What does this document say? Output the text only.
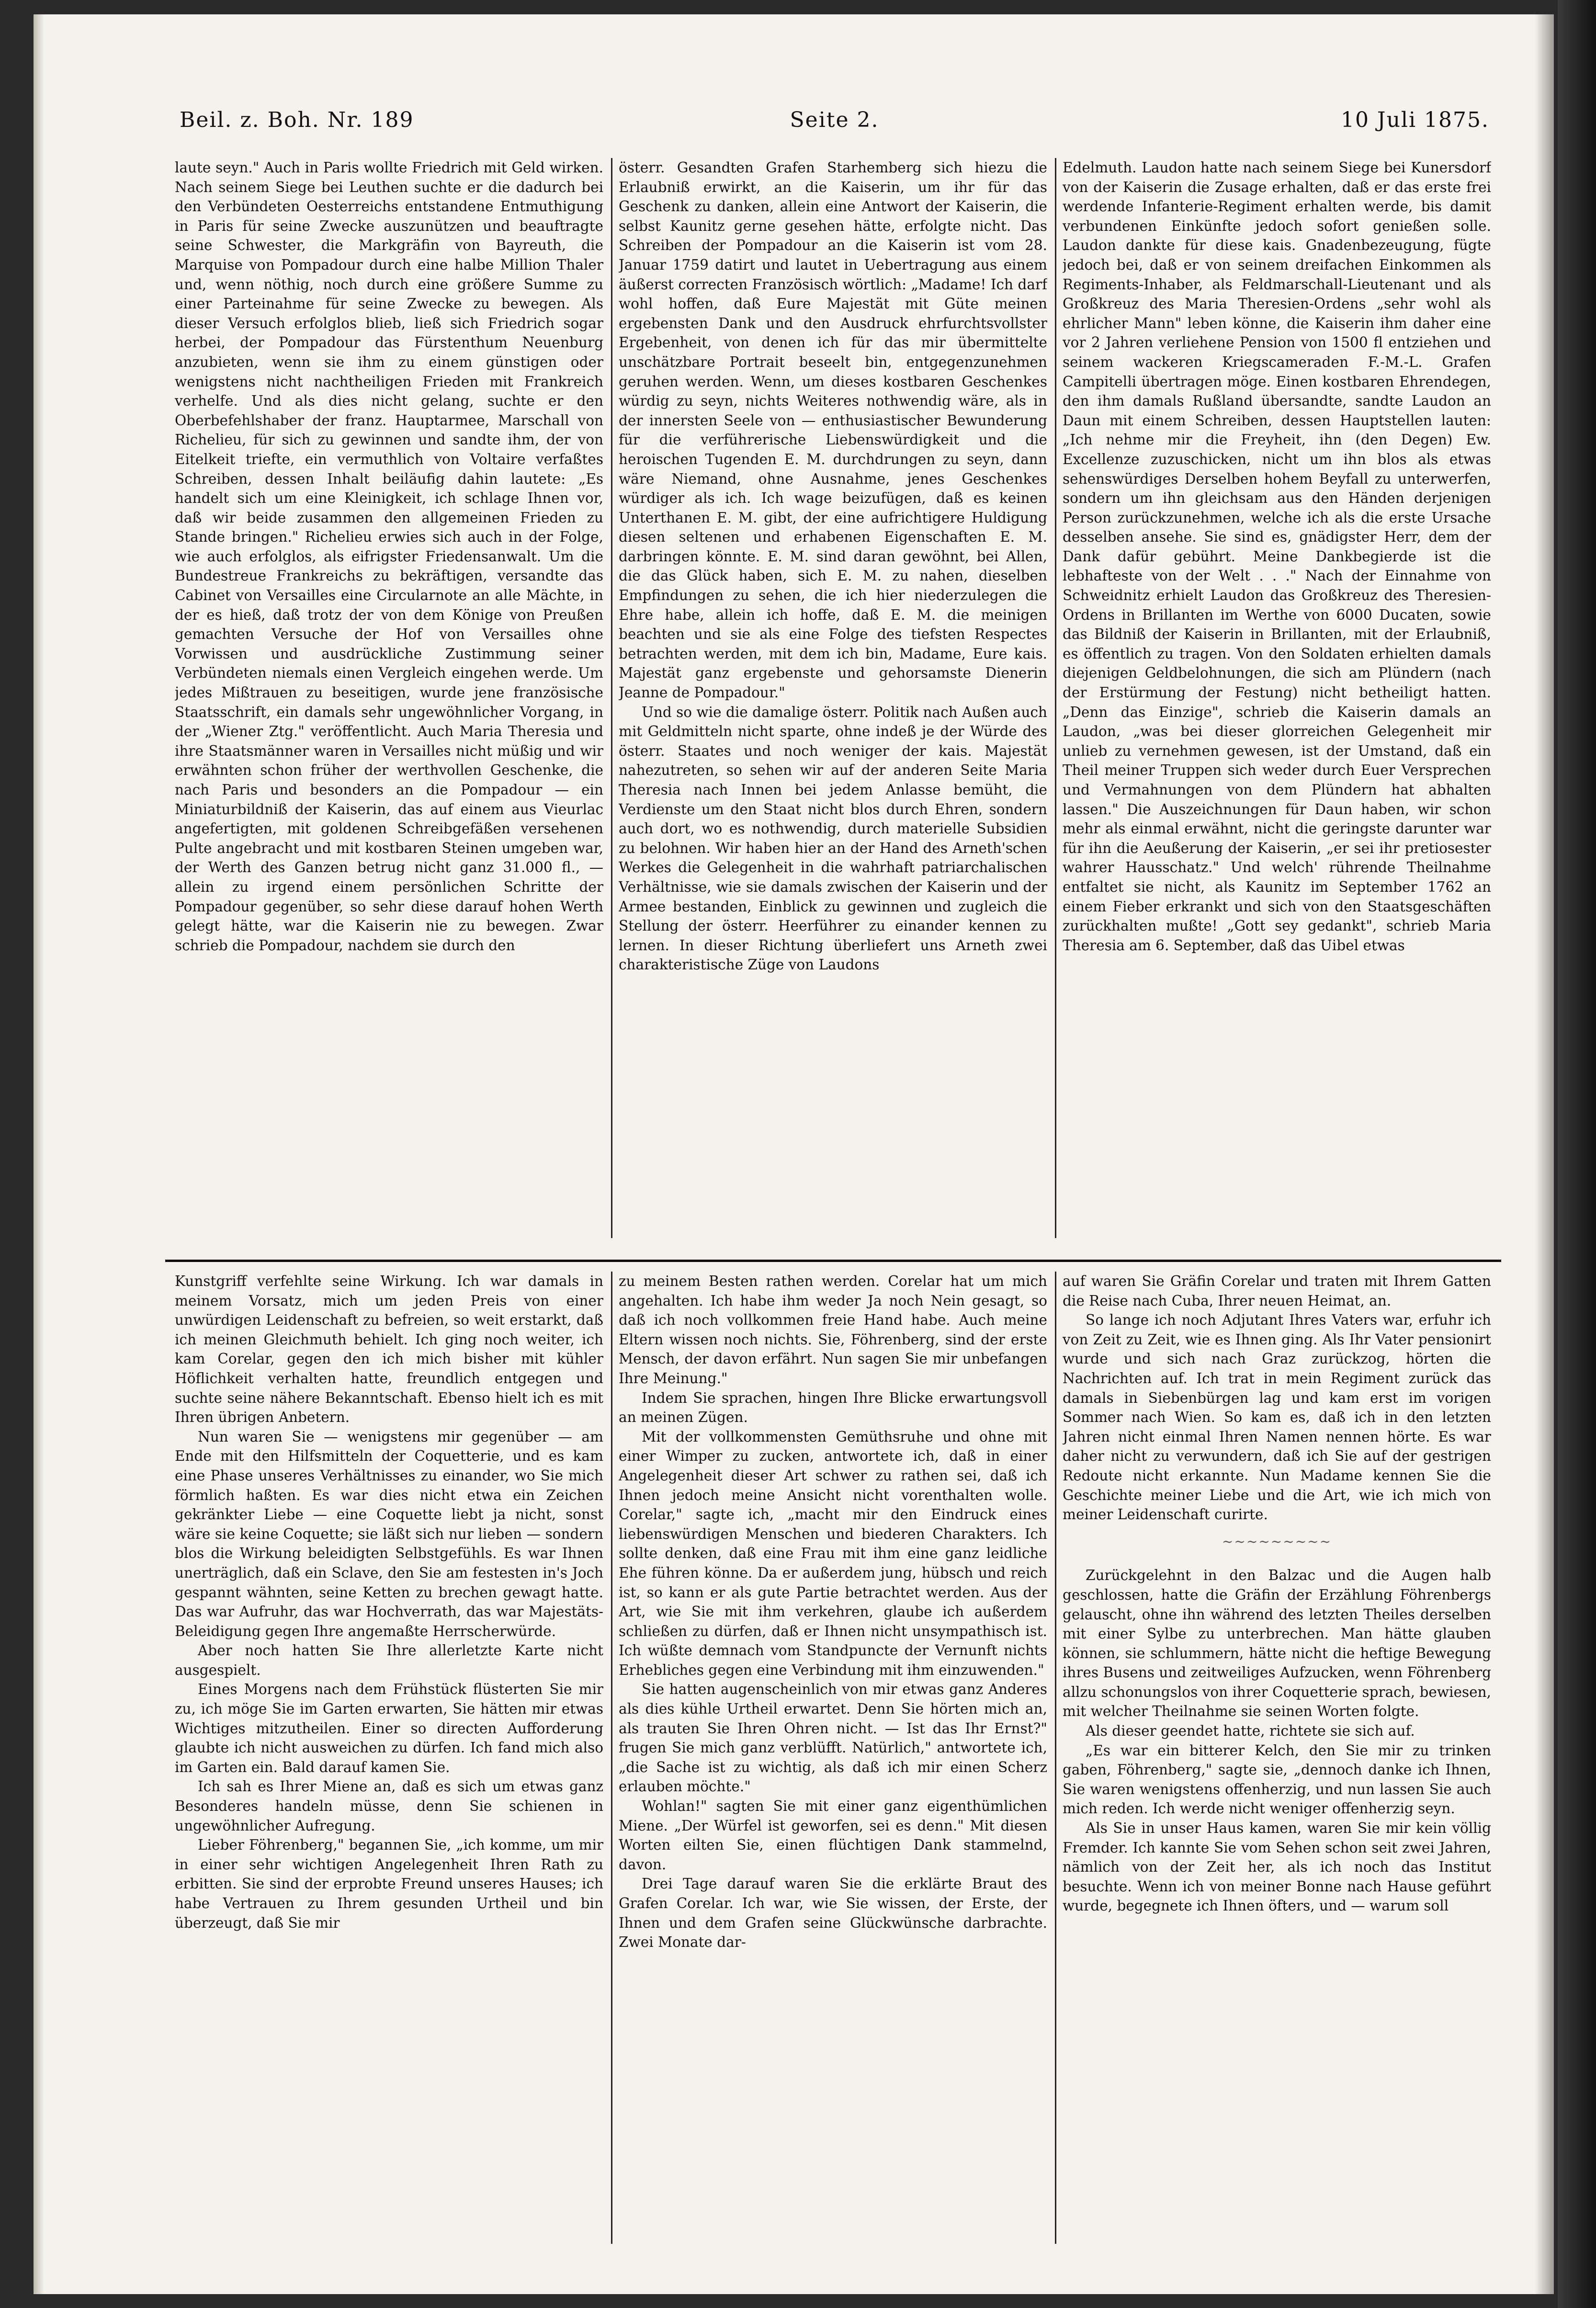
Beil. z. Boh. Nr. 189	Seite 2.	10 Juli 1875.

laute seyn." Auch in Paris wollte Friedrich mit Geld wirken. Nach seinem Siege bei Leuthen suchte er die dadurch bei den Verbündeten Oesterreichs entstandene Entmuthigung in Paris für seine Zwecke auszunützen und beauftragte seine Schwester, die Markgräfin von Bayreuth, die Marquise von Pompadour durch eine halbe Million Thaler und, wenn nöthig, noch durch eine größere Summe zu einer Parteinahme für seine Zwecke zu bewegen. Als dieser Versuch erfolglos blieb, ließ sich Friedrich sogar herbei, der Pompadour das Fürstenthum Neuenburg anzubieten, wenn sie ihm zu einem günstigen oder wenigstens nicht nachtheiligen Frieden mit Frankreich verhelfe. Und als dies nicht gelang, suchte er den Oberbefehlshaber der franz. Hauptarmee, Marschall von Richelieu, für sich zu gewinnen und sandte ihm, der von Eitelkeit triefte, ein vermuthlich von Voltaire verfaßtes Schreiben, dessen Inhalt beiläufig dahin lautete: „Es handelt sich um eine Kleinigkeit, ich schlage Ihnen vor, daß wir beide zusammen den allgemeinen Frieden zu Stande bringen." Richelieu erwies sich auch in der Folge, wie auch erfolglos, als eifrigster Friedensanwalt. Um die Bundestreue Frankreichs zu bekräftigen, versandte das Cabinet von Versailles eine Circularnote an alle Mächte, in der es hieß, daß trotz der von dem Könige von Preußen gemachten Versuche der Hof von Versailles ohne Vorwissen und ausdrückliche Zustimmung seiner Verbündeten niemals einen Vergleich eingehen werde. Um jedes Mißtrauen zu beseitigen, wurde jene französische Staatsschrift, ein damals sehr ungewöhnlicher Vorgang, in der „Wiener Ztg." veröffentlicht. Auch Maria Theresia und ihre Staatsmänner waren in Versailles nicht müßig und wir erwähnten schon früher der werthvollen Geschenke, die nach Paris und besonders an die Pompadour — ein Miniaturbildniß der Kaiserin, das auf einem aus Vieurlac angefertigten, mit goldenen Schreibgefäßen versehenen Pulte angebracht und mit kostbaren Steinen umgeben war, der Werth des Ganzen betrug nicht ganz 31.000 fl., — allein zu irgend einem persönlichen Schritte der Pompadour gegenüber, so sehr diese darauf hohen Werth gelegt hätte, war die Kaiserin nie zu bewegen. Zwar schrieb die Pompadour, nachdem sie durch den

österr. Gesandten Grafen Starhemberg sich hiezu die Erlaubniß erwirkt, an die Kaiserin, um ihr für das Geschenk zu danken, allein eine Antwort der Kaiserin, die selbst Kaunitz gerne gesehen hätte, erfolgte nicht. Das Schreiben der Pompadour an die Kaiserin ist vom 28. Januar 1759 datirt und lautet in Uebertragung aus einem äußerst correcten Französisch wörtlich: „Madame! Ich darf wohl hoffen, daß Eure Majestät mit Güte meinen ergebensten Dank und den Ausdruck ehrfurchtsvollster Ergebenheit, von denen ich für das mir übermittelte unschätzbare Portrait beseelt bin, entgegenzunehmen geruhen werden. Wenn, um dieses kostbaren Geschenkes würdig zu seyn, nichts Weiteres nothwendig wäre, als in der innersten Seele von — enthusiastischer Bewunderung für die verführerische Liebenswürdigkeit und die heroischen Tugenden E. M. durchdrungen zu seyn, dann wäre Niemand, ohne Ausnahme, jenes Geschenkes würdiger als ich. Ich wage beizufügen, daß es keinen Unterthanen E. M. gibt, der eine aufrichtigere Huldigung diesen seltenen und erhabenen Eigenschaften E. M. darbringen könnte. E. M. sind daran gewöhnt, bei Allen, die das Glück haben, sich E. M. zu nahen, dieselben Empfindungen zu sehen, die ich hier niederzulegen die Ehre habe, allein ich hoffe, daß E. M. die meinigen beachten und sie als eine Folge des tiefsten Respectes betrachten werden, mit dem ich bin, Madame, Eure kais. Majestät ganz ergebenste und gehorsamste Dienerin Jeanne de Pompadour."

Und so wie die damalige österr. Politik nach Außen auch mit Geldmitteln nicht sparte, ohne indeß je der Würde des österr. Staates und noch weniger der kais. Majestät nahezutreten, so sehen wir auf der anderen Seite Maria Theresia nach Innen bei jedem Anlasse bemüht, die Verdienste um den Staat nicht blos durch Ehren, sondern auch dort, wo es nothwendig, durch materielle Subsidien zu belohnen. Wir haben hier an der Hand des Arneth'schen Werkes die Gelegenheit in die wahrhaft patriarchalischen Verhältnisse, wie sie damals zwischen der Kaiserin und der Armee bestanden, Einblick zu gewinnen und zugleich die Stellung der österr. Heerführer zu einander kennen zu lernen. In dieser Richtung überliefert uns Arneth zwei charakteristische Züge von Laudons

Edelmuth. Laudon hatte nach seinem Siege bei Kunersdorf von der Kaiserin die Zusage erhalten, daß er das erste frei werdende Infanterie-Regiment erhalten werde, bis damit verbundenen Einkünfte jedoch sofort genießen solle. Laudon dankte für diese kais. Gnadenbezeugung, fügte jedoch bei, daß er von seinem dreifachen Einkommen als Regiments-Inhaber, als Feldmarschall-Lieutenant und als Großkreuz des Maria Theresien-Ordens „sehr wohl als ehrlicher Mann" leben könne, die Kaiserin ihm daher eine vor 2 Jahren verliehene Pension von 1500 fl entziehen und seinem wackeren Kriegscameraden F.-M.-L. Grafen Campitelli übertragen möge. Einen kostbaren Ehrendegen, den ihm damals Rußland übersandte, sandte Laudon an Daun mit einem Schreiben, dessen Hauptstellen lauten: „Ich nehme mir die Freyheit, ihn (den Degen) Ew. Excellenze zuzuschicken, nicht um ihn blos als etwas sehenswürdiges Derselben hohem Beyfall zu unterwerfen, sondern um ihn gleichsam aus den Händen derjenigen Person zurückzunehmen, welche ich als die erste Ursache desselben ansehe. Sie sind es, gnädigster Herr, dem der Dank dafür gebührt. Meine Dankbegierde ist die lebhafteste von der Welt . . ." Nach der Einnahme von Schweidnitz erhielt Laudon das Großkreuz des Theresien-Ordens in Brillanten im Werthe von 6000 Ducaten, sowie das Bildniß der Kaiserin in Brillanten, mit der Erlaubniß, es öffentlich zu tragen. Von den Soldaten erhielten damals diejenigen Geldbelohnungen, die sich am Plündern (nach der Erstürmung der Festung) nicht betheiligt hatten. „Denn das Einzige", schrieb die Kaiserin damals an Laudon, „was bei dieser glorreichen Gelegenheit mir unlieb zu vernehmen gewesen, ist der Umstand, daß ein Theil meiner Truppen sich weder durch Euer Versprechen und Vermahnungen von dem Plündern hat abhalten lassen." Die Auszeichnungen für Daun haben, wir schon mehr als einmal erwähnt, nicht die geringste darunter war für ihn die Aeußerung der Kaiserin, „er sei ihr pretiosester wahrer Hausschatz." Und welch' rührende Theilnahme entfaltet sie nicht, als Kaunitz im September 1762 an einem Fieber erkrankt und sich von den Staatsgeschäften zurückhalten mußte! „Gott sey gedankt", schrieb Maria Theresia am 6. September, daß das Uibel etwas

Kunstgriff verfehlte seine Wirkung. Ich war damals in meinem Vorsatz, mich um jeden Preis von einer unwürdigen Leidenschaft zu befreien, so weit erstarkt, daß ich meinen Gleichmuth behielt. Ich ging noch weiter, ich kam Corelar, gegen den ich mich bisher mit kühler Höflichkeit verhalten hatte, freundlich entgegen und suchte seine nähere Bekanntschaft. Ebenso hielt ich es mit Ihren übrigen Anbetern.

Nun waren Sie — wenigstens mir gegenüber — am Ende mit den Hilfsmitteln der Coquetterie, und es kam eine Phase unseres Verhältnisses zu einander, wo Sie mich förmlich haßten. Es war dies nicht etwa ein Zeichen gekränkter Liebe — eine Coquette liebt ja nicht, sonst wäre sie keine Coquette; sie läßt sich nur lieben — sondern blos die Wirkung beleidigten Selbstgefühls. Es war Ihnen unerträglich, daß ein Sclave, den Sie am festesten in's Joch gespannt wähnten, seine Ketten zu brechen gewagt hatte. Das war Aufruhr, das war Hochverrath, das war Majestäts-Beleidigung gegen Ihre angemaßte Herrscherwürde.

Aber noch hatten Sie Ihre allerletzte Karte nicht ausgespielt.

Eines Morgens nach dem Frühstück flüsterten Sie mir zu, ich möge Sie im Garten erwarten, Sie hätten mir etwas Wichtiges mitzutheilen. Einer so directen Aufforderung glaubte ich nicht ausweichen zu dürfen. Ich fand mich also im Garten ein. Bald darauf kamen Sie.

Ich sah es Ihrer Miene an, daß es sich um etwas ganz Besonderes handeln müsse, denn Sie schienen in ungewöhnlicher Aufregung.

Lieber Föhrenberg," begannen Sie, „ich komme, um mir in einer sehr wichtigen Angelegenheit Ihren Rath zu erbitten. Sie sind der erprobte Freund unseres Hauses; ich habe Vertrauen zu Ihrem gesunden Urtheil und bin überzeugt, daß Sie mir

zu meinem Besten rathen werden. Corelar hat um mich angehalten. Ich habe ihm weder Ja noch Nein gesagt, so daß ich noch vollkommen freie Hand habe. Auch meine Eltern wissen noch nichts. Sie, Föhrenberg, sind der erste Mensch, der davon erfährt. Nun sagen Sie mir unbefangen Ihre Meinung."

Indem Sie sprachen, hingen Ihre Blicke erwartungsvoll an meinen Zügen.

Mit der vollkommensten Gemüthsruhe und ohne mit einer Wimper zu zucken, antwortete ich, daß in einer Angelegenheit dieser Art schwer zu rathen sei, daß ich Ihnen jedoch meine Ansicht nicht vorenthalten wolle. Corelar," sagte ich, „macht mir den Eindruck eines liebenswürdigen Menschen und biederen Charakters. Ich sollte denken, daß eine Frau mit ihm eine ganz leidliche Ehe führen könne. Da er außerdem jung, hübsch und reich ist, so kann er als gute Partie betrachtet werden. Aus der Art, wie Sie mit ihm verkehren, glaube ich außerdem schließen zu dürfen, daß er Ihnen nicht unsympathisch ist. Ich wüßte demnach vom Standpuncte der Vernunft nichts Erhebliches gegen eine Verbindung mit ihm einzuwenden."

Sie hatten augenscheinlich von mir etwas ganz Anderes als dies kühle Urtheil erwartet. Denn Sie hörten mich an, als trauten Sie Ihren Ohren nicht. — Ist das Ihr Ernst?" frugen Sie mich ganz verblüfft. Natürlich," antwortete ich, „die Sache ist zu wichtig, als daß ich mir einen Scherz erlauben möchte."

Wohlan!" sagten Sie mit einer ganz eigenthümlichen Miene. „Der Würfel ist geworfen, sei es denn." Mit diesen Worten eilten Sie, einen flüchtigen Dank stammelnd, davon.

Drei Tage darauf waren Sie die erklärte Braut des Grafen Corelar. Ich war, wie Sie wissen, der Erste, der Ihnen und dem Grafen seine Glückwünsche darbrachte. Zwei Monate dar-

auf waren Sie Gräfin Corelar und traten mit Ihrem Gatten die Reise nach Cuba, Ihrer neuen Heimat, an.

So lange ich noch Adjutant Ihres Vaters war, erfuhr ich von Zeit zu Zeit, wie es Ihnen ging. Als Ihr Vater pensionirt wurde und sich nach Graz zurückzog, hörten die Nachrichten auf. Ich trat in mein Regiment zurück das damals in Siebenbürgen lag und kam erst im vorigen Sommer nach Wien. So kam es, daß ich in den letzten Jahren nicht einmal Ihren Namen nennen hörte. Es war daher nicht zu verwundern, daß ich Sie auf der gestrigen Redoute nicht erkannte. Nun Madame kennen Sie die Geschichte meiner Liebe und die Art, wie ich mich von meiner Leidenschaft curirte.

~~~~~~~~~

Zurückgelehnt in den Balzac und die Augen halb geschlossen, hatte die Gräfin der Erzählung Föhrenbergs gelauscht, ohne ihn während des letzten Theiles derselben mit einer Sylbe zu unterbrechen. Man hätte glauben können, sie schlummern, hätte nicht die heftige Bewegung ihres Busens und zeitweiliges Aufzucken, wenn Föhrenberg allzu schonungslos von ihrer Coquetterie sprach, bewiesen, mit welcher Theilnahme sie seinen Worten folgte.

Als dieser geendet hatte, richtete sie sich auf.

„Es war ein bitterer Kelch, den Sie mir zu trinken gaben, Föhrenberg," sagte sie, „dennoch danke ich Ihnen, Sie waren wenigstens offenherzig, und nun lassen Sie auch mich reden. Ich werde nicht weniger offenherzig seyn.

Als Sie in unser Haus kamen, waren Sie mir kein völlig Fremder. Ich kannte Sie vom Sehen schon seit zwei Jahren, nämlich von der Zeit her, als ich noch das Institut besuchte. Wenn ich von meiner Bonne nach Hause geführt wurde, begegnete ich Ihnen öfters, und — warum soll
